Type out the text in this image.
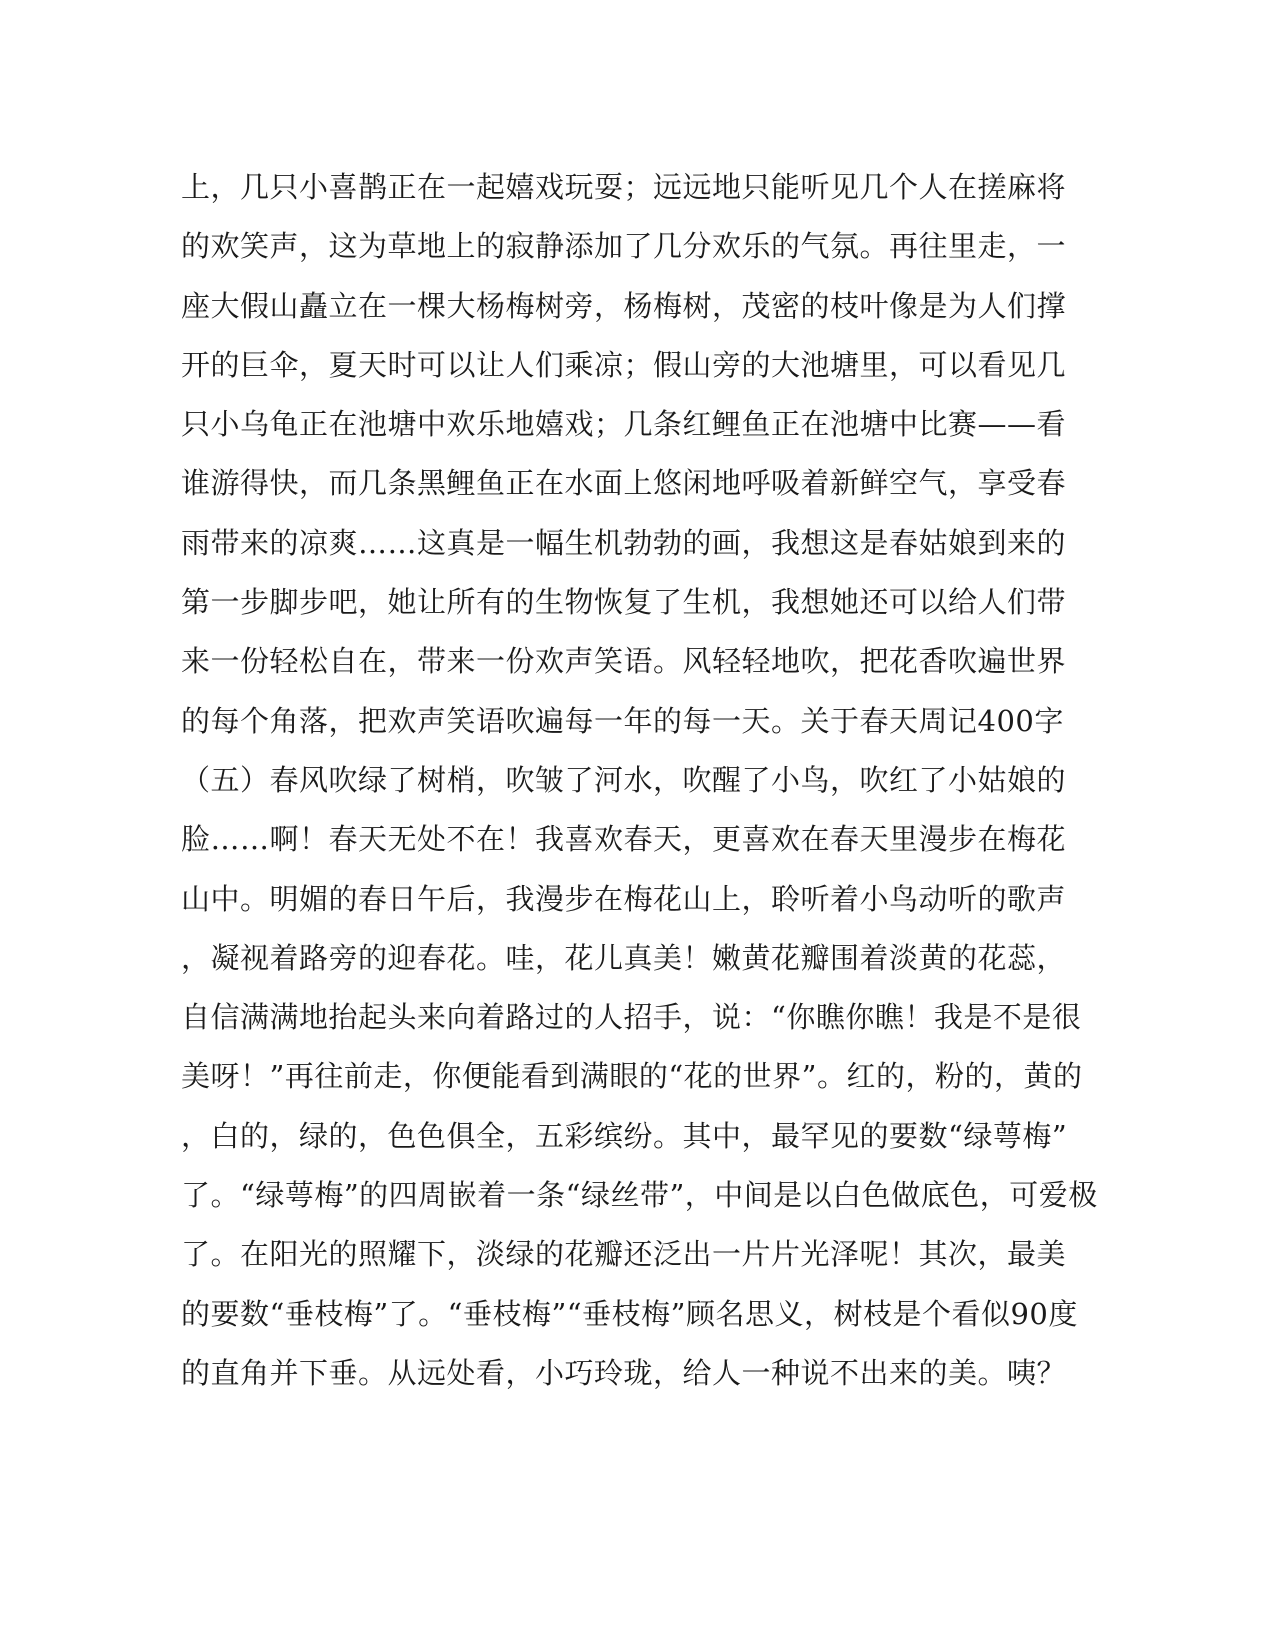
上，几只小喜鹊正在一起嬉戏玩耍；远远地只能听见几个人在搓麻将
的欢笑声，这为草地上的寂静添加了几分欢乐的气氛。再往里走，一
座大假山矗立在一棵大杨梅树旁，杨梅树，茂密的枝叶像是为人们撑
开的巨伞，夏天时可以让人们乘凉；假山旁的大池塘里，可以看见几
只小乌龟正在池塘中欢乐地嬉戏；几条红鲤鱼正在池塘中比赛——看
谁游得快，而几条黑鲤鱼正在水面上悠闲地呼吸着新鲜空气，享受春
雨带来的凉爽……这真是一幅生机勃勃的画，我想这是春姑娘到来的
第一步脚步吧，她让所有的生物恢复了生机，我想她还可以给人们带
来一份轻松自在，带来一份欢声笑语。风轻轻地吹，把花香吹遍世界
的每个角落，把欢声笑语吹遍每一年的每一天。关于春天周记400字
（五）春风吹绿了树梢，吹皱了河水，吹醒了小鸟，吹红了小姑娘的
脸……啊！春天无处不在！我喜欢春天，更喜欢在春天里漫步在梅花
山中。明媚的春日午后，我漫步在梅花山上，聆听着小鸟动听的歌声
，凝视着路旁的迎春花。哇，花儿真美！嫩黄花瓣围着淡黄的花蕊，
自信满满地抬起头来向着路过的人招手，说：“你瞧你瞧！我是不是很
美呀！”再往前走，你便能看到满眼的“花的世界”。红的，粉的，黄的
，白的，绿的，色色俱全，五彩缤纷。其中，最罕见的要数“绿萼梅”
了。“绿萼梅”的四周嵌着一条“绿丝带”，中间是以白色做底色，可爱极
了。在阳光的照耀下，淡绿的花瓣还泛出一片片光泽呢！其次，最美
的要数“垂枝梅”了。“垂枝梅”“垂枝梅”顾名思义，树枝是个看似90度
的直角并下垂。从远处看，小巧玲珑，给人一种说不出来的美。咦？
